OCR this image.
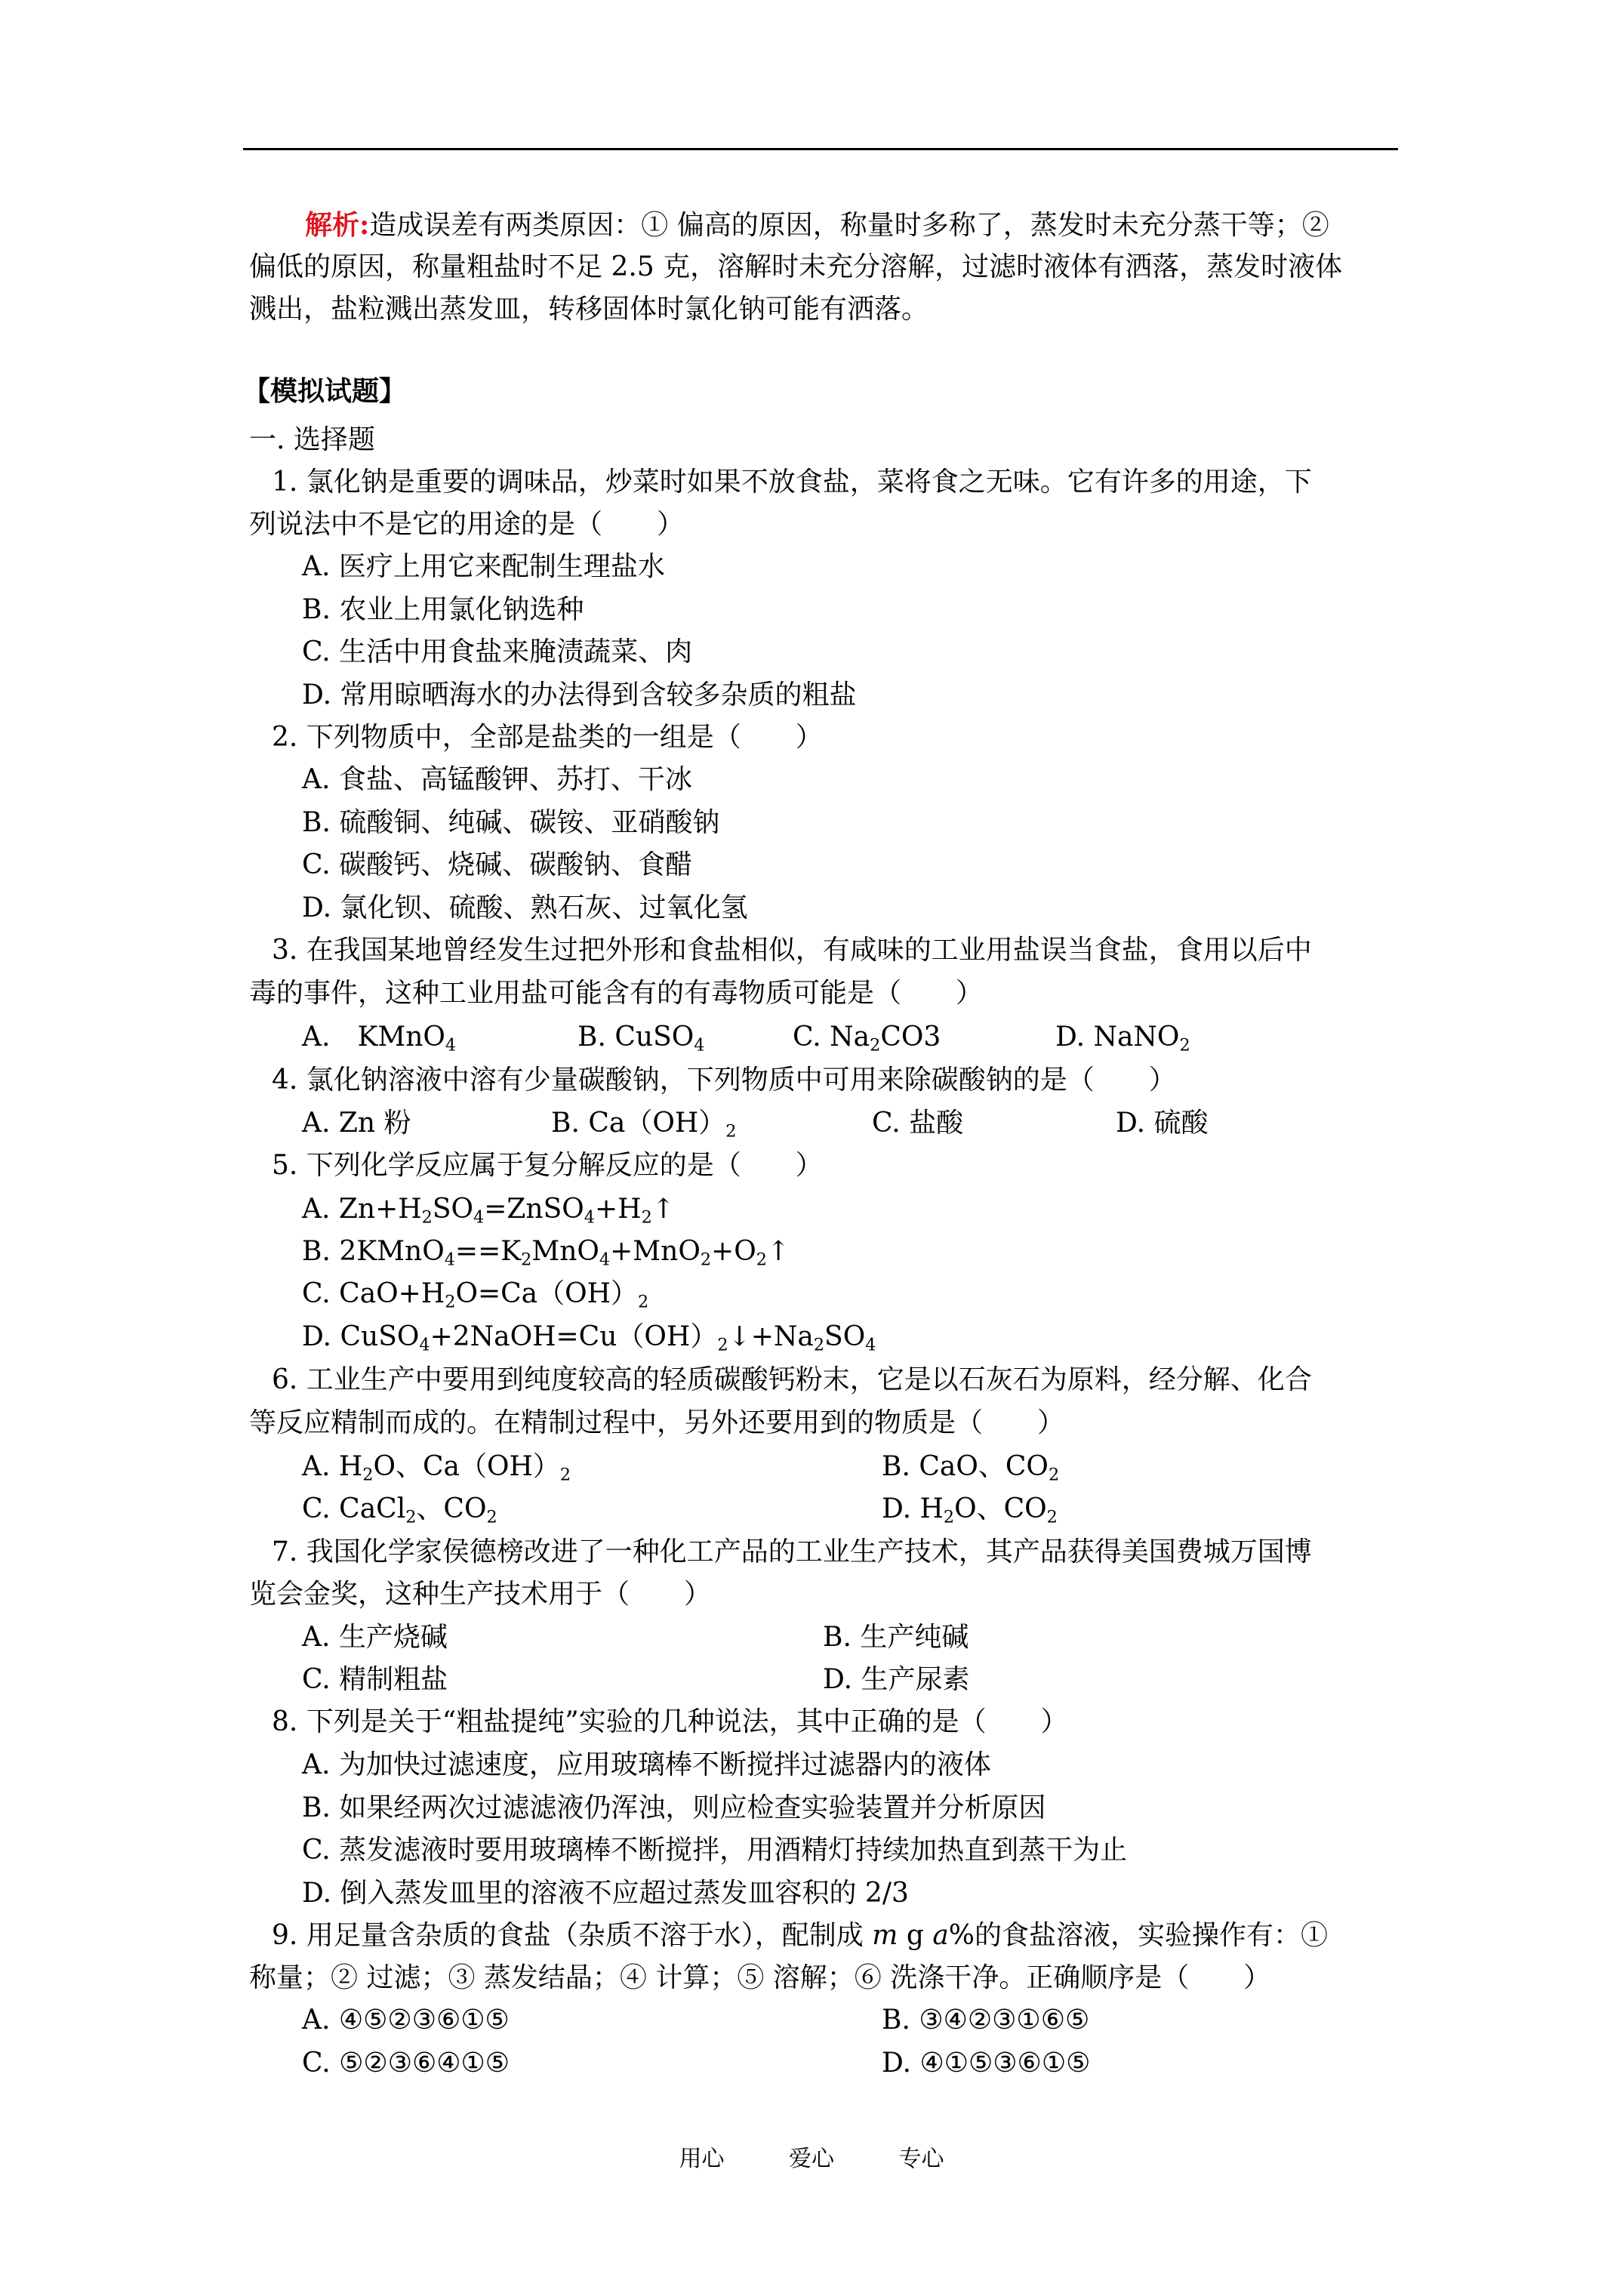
解析:造成误差有两类原因：① 偏高的原因，称量时多称了，蒸发时未充分蒸干等；②
偏低的原因，称量粗盐时不足 2.5 克，溶解时未充分溶解，过滤时液体有洒落，蒸发时液体
溅出，盐粒溅出蒸发皿，转移固体时氯化钠可能有洒落。
【模拟试题】
一. 选择题
1. 氯化钠是重要的调味品，炒菜时如果不放食盐，菜将食之无味。它有许多的用途，下
列说法中不是它的用途的是（　　）
A. 医疗上用它来配制生理盐水
B. 农业上用氯化钠选种
C. 生活中用食盐来腌渍蔬菜、肉
D. 常用晾晒海水的办法得到含较多杂质的粗盐
2. 下列物质中，全部是盐类的一组是（　　）
A. 食盐、高锰酸钾、苏打、干冰
B. 硫酸铜、纯碱、碳铵、亚硝酸钠
C. 碳酸钙、烧碱、碳酸钠、食醋
D. 氯化钡、硫酸、熟石灰、过氧化氢
3. 在我国某地曾经发生过把外形和食盐相似，有咸味的工业用盐误当食盐，食用以后中
毒的事件，这种工业用盐可能含有的有毒物质可能是（　　）
A.　KMnO$_4$	B. CuSO$_4$	C. $Na_2CO3$	D. NaNO$_2$
4. 氯化钠溶液中溶有少量碳酸钠，下列物质中可用来除碳酸钠的是（　　）
A. Zn 粉	B. $Ca(OH)_2$	C. 盐酸	D. 硫酸
5. 下列化学反应属于复分解反应的是（　　）
A. $Zn+H_2SO_4=ZnSO_4+H_2↑$
B. $2KMnO_4==K_2MnO_4+MnO_2+O_2↑$
C. $CaO+H_2O=Ca(OH)_2$
D. $CuSO_4+2NaOH=Cu(OH)_2↓+Na_2SO_4$
6. 工业生产中要用到纯度较高的轻质碳酸钙粉末，它是以石灰石为原料，经分解、化合
等反应精制而成的。在精制过程中，另外还要用到的物质是（　　）
A. $H_2O$、$Ca(OH)_2$	B. CaO、$CO_2$
C. CaCl$_2$、$CO_2$	D. $H_2O$、$CO_2$
7. 我国化学家侯德榜改进了一种化工产品的工业生产技术，其产品获得美国费城万国博
览会金奖，这种生产技术用于（　　）
A. 生产烧碱	B. 生产纯碱
C. 精制粗盐	D. 生产尿素
8. 下列是关于“粗盐提纯”实验的几种说法，其中正确的是（　　）
A. 为加快过滤速度，应用玻璃棒不断搅拌过滤器内的液体
B. 如果经两次过滤滤液仍浑浊，则应检查实验装置并分析原因
C. 蒸发滤液时要用玻璃棒不断搅拌，用酒精灯持续加热直到蒸干为止
D. 倒入蒸发皿里的溶液不应超过蒸发皿容积的 2/3
9. 用足量含杂质的食盐（杂质不溶于水），配制成 m g a%的食盐溶液，实验操作有：①
称量；② 过滤；③ 蒸发结晶；④ 计算；⑤ 溶解；⑥ 洗涤干净。正确顺序是（　　）
A. ④⑤②③⑥①⑤	B. ③④②③①⑥⑤
C. ⑤②③⑥④①⑤	D. ④①⑤③⑥①⑤
用心	爱心	专心
